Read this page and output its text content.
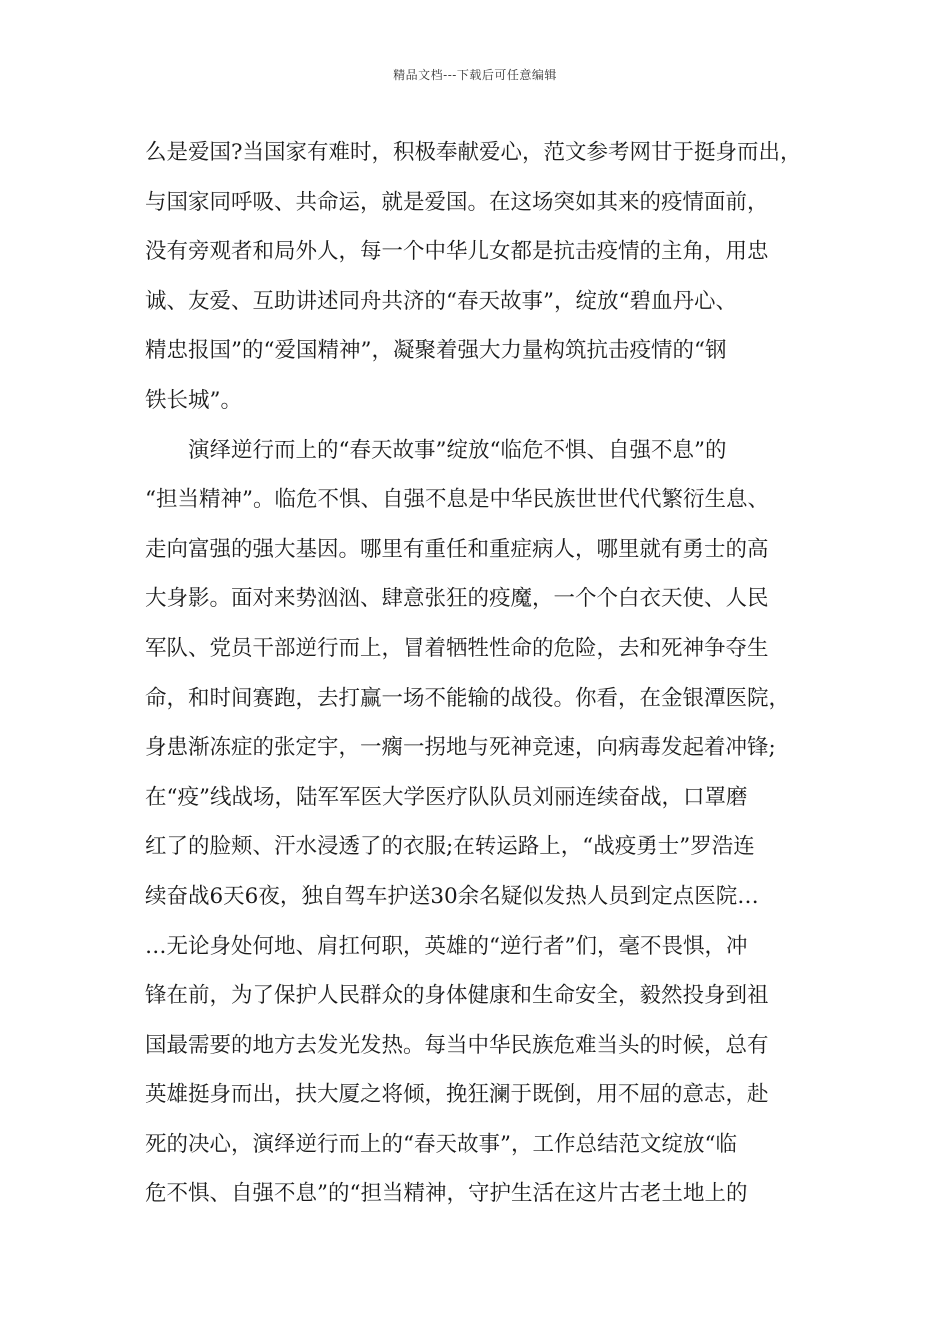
精品文档---下载后可任意编辑
么是爱国?当国家有难时，积极奉献爱心，范文参考网甘于挺身而出，
与国家同呼吸、共命运，就是爱国。在这场突如其来的疫情面前，
没有旁观者和局外人，每一个中华儿女都是抗击疫情的主角，用忠
诚、友爱、互助讲述同舟共济的“春天故事”，绽放“碧血丹心、
精忠报国”的“爱国精神”，凝聚着强大力量构筑抗击疫情的“钢
铁长城”。
　　演绎逆行而上的“春天故事”绽放“临危不惧、自强不息”的
“担当精神”。临危不惧、自强不息是中华民族世世代代繁衍生息、
走向富强的强大基因。哪里有重任和重症病人，哪里就有勇士的高
大身影。面对来势汹汹、肆意张狂的疫魔，一个个白衣天使、人民
军队、党员干部逆行而上，冒着牺牲性命的危险，去和死神争夺生
命，和时间赛跑，去打赢一场不能输的战役。你看，在金银潭医院，
身患渐冻症的张定宇，一瘸一拐地与死神竞速，向病毒发起着冲锋;
在“疫”线战场，陆军军医大学医疗队队员刘丽连续奋战，口罩磨
红了的脸颊、汗水浸透了的衣服;在转运路上，“战疫勇士”罗浩连
续奋战6天6夜，独自驾车护送30余名疑似发热人员到定点医院…
…无论身处何地、肩扛何职，英雄的“逆行者”们，毫不畏惧，冲
锋在前，为了保护人民群众的身体健康和生命安全，毅然投身到祖
国最需要的地方去发光发热。每当中华民族危难当头的时候，总有
英雄挺身而出，扶大厦之将倾，挽狂澜于既倒，用不屈的意志，赴
死的决心，演绎逆行而上的“春天故事”，工作总结范文绽放“临
危不惧、自强不息”的“担当精神，守护生活在这片古老土地上的
